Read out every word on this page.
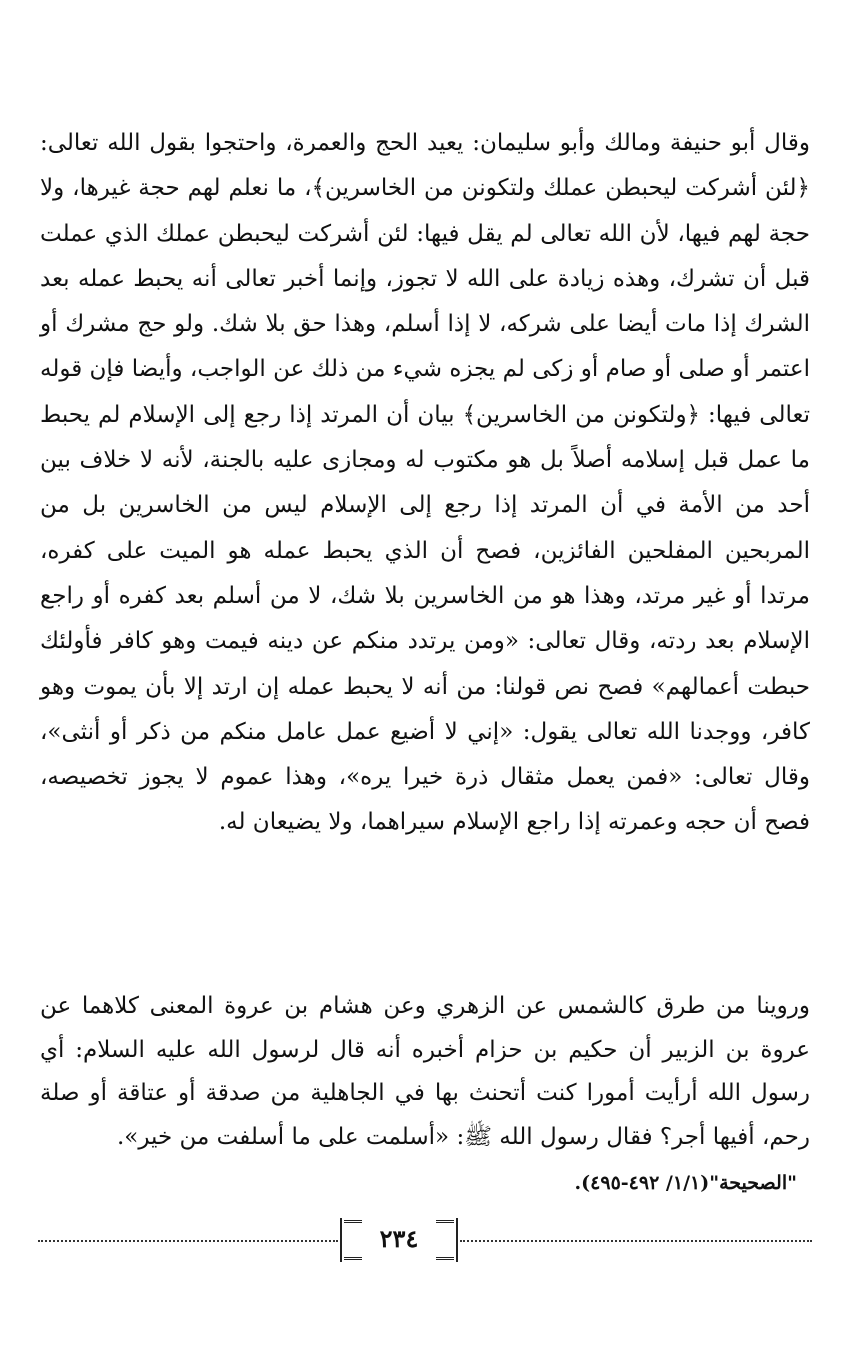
وقال أبو حنيفة ومالك وأبو سليمان: يعيد الحج والعمرة، واحتجوا بقول الله تعالى: ﴿لئن أشركت ليحبطن عملك ولتكونن من الخاسرين﴾، ما نعلم لهم حجة غيرها، ولا حجة لهم فيها، لأن الله تعالى لم يقل فيها: لئن أشركت ليحبطن عملك الذي عملت قبل أن تشرك، وهذه زيادة على الله لا تجوز، وإنما أخبر تعالى أنه يحبط عمله بعد الشرك إذا مات أيضا على شركه، لا إذا أسلم، وهذا حق بلا شك. ولو حج مشرك أو اعتمر أو صلى أو صام أو زكى لم يجزه شيء من ذلك عن الواجب، وأيضا فإن قوله تعالى فيها: ﴿ولتكونن من الخاسرين﴾ بيان أن المرتد إذا رجع إلى الإسلام لم يحبط ما عمل قبل إسلامه أصلاً بل هو مكتوب له ومجازى عليه بالجنة، لأنه لا خلاف بين أحد من الأمة في أن المرتد إذا رجع إلى الإسلام ليس من الخاسرين بل من المربحين المفلحين الفائزين، فصح أن الذي يحبط عمله هو الميت على كفره، مرتدا أو غير مرتد، وهذا هو من الخاسرين بلا شك، لا من أسلم بعد كفره أو راجع الإسلام بعد ردته، وقال تعالى: «ومن يرتدد منكم عن دينه فيمت وهو كافر فأولئك حبطت أعمالهم» فصح نص قولنا: من أنه لا يحبط عمله إن ارتد إلا بأن يموت وهو كافر، ووجدنا الله تعالى يقول: «إني لا أضيع عمل عامل منكم من ذكر أو أنثى»، وقال تعالى: «فمن يعمل مثقال ذرة خيرا يره»، وهذا عموم لا يجوز تخصيصه، فصح أن حجه وعمرته إذا راجع الإسلام سيراهما، ولا يضيعان له.

وروينا من طرق كالشمس عن الزهري وعن هشام بن عروة المعنى كلاهما عن عروة بن الزبير أن حكيم بن حزام أخبره أنه قال لرسول الله عليه السلام: أي رسول الله أرأيت أمورا كنت أتحنث بها في الجاهلية من صدقة أو عتاقة أو صلة رحم، أفيها أجر؟ فقال رسول الله ﷺ: «أسلمت على ما أسلفت من خير».

"الصحيحة"(١/١/ ٤٩٢-٤٩٥).
٢٣٤
